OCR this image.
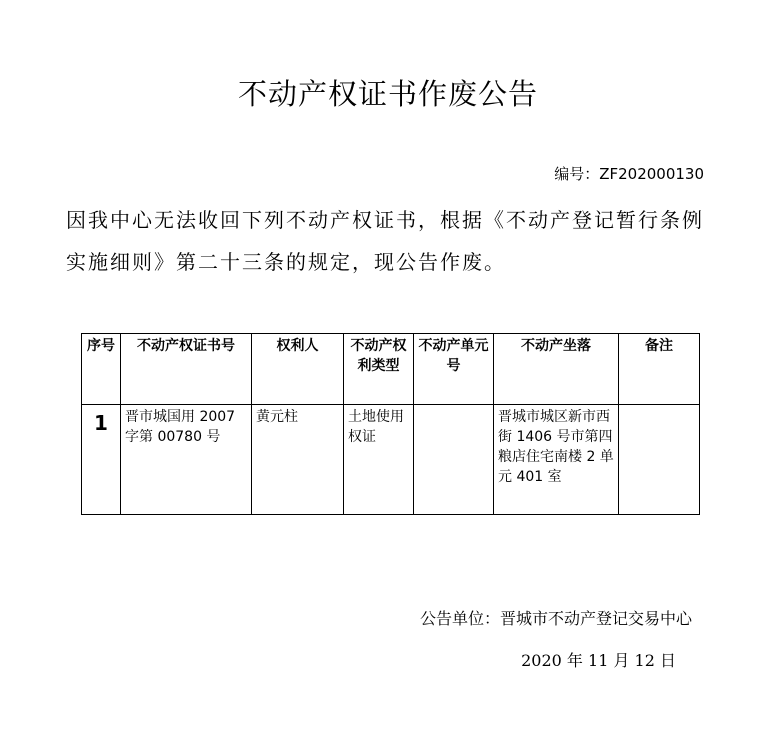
不动产权证书作废公告
编号：ZF202000130
因我中心无法收回下列不动产权证书，根据《不动产登记暂行条例实施细则》第二十三条的规定，现公告作废。
序号	不动产权证书号	权利人	不动产权利类型	不动产单元号	不动产坐落	备注
1	晋市城国用 2007字第 00780 号	黄元柱	土地使用权证		晋城市城区新市西街 1406 号市第四粮店住宅南楼 2 单元 401 室	
公告单位：晋城市不动产登记交易中心
2020 年 11 月 12 日
